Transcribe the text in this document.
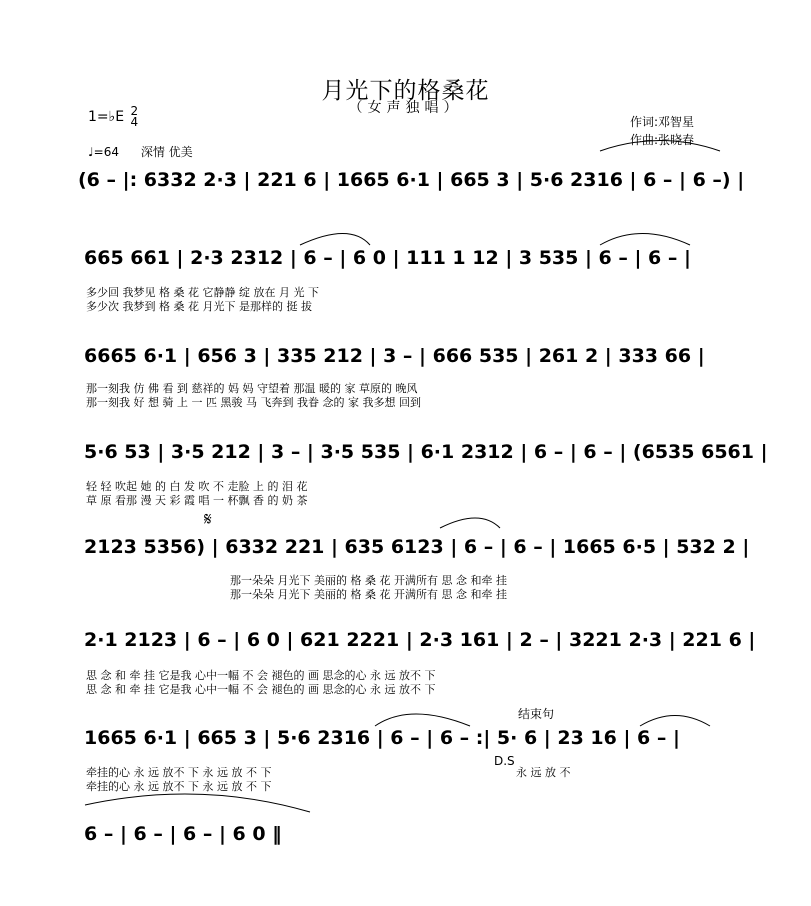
月光下的格桑花
（女声独唱）
作词:邓智星
作曲:张晓春
1=♭E 2
4
♩=64 深情 优美
(6 – |: 6332 2·3 | 221 6 | 1665 6·1 | 665 3 | 5·6 2316 | 6 – | 6 –) |
665 661 | 2·3 2312 | 6 – | 6 0 | 111 1 12 | 3 535 | 6 – | 6 – |
多少回 我梦见 格 桑 花 它静静 绽 放在 月 光 下
多少次 我梦到 格 桑 花 月光下 是那样的 挺 拔
6665 6·1 | 656 3 | 335 212 | 3 – | 666 535 | 261 2 | 333 66 |
那一刻我 仿 佛 看 到 慈祥的 妈 妈 守望着 那温 暖的 家 草原的 晚风
那一刻我 好 想 骑 上 一 匹 黑骏 马 飞奔到 我眷 念的 家 我多想 回到
5·6 53 | 3·5 212 | 3 – | 3·5 535 | 6·1 2312 | 6 – | 6 – | (6535 6561 |
轻 轻 吹起 她 的 白 发 吹 不 走脸 上 的 泪 花
草 原 看那 漫 天 彩 霞 唱 一 杯飘 香 的 奶 茶
𝄋
2123 5356) | 6332 221 | 635 6123 | 6 – | 6 – | 1665 6·5 | 532 2 |
那一朵朵 月光下 美丽的 格 桑 花 开满所有 思 念 和牵 挂
那一朵朵 月光下 美丽的 格 桑 花 开满所有 思 念 和牵 挂
2·1 2123 | 6 – | 6 0 | 621 2221 | 2·3 161 | 2 – | 3221 2·3 | 221 6 |
思 念 和 牵 挂 它是我 心中一幅 不 会 褪色的 画 思念的心 永 远 放不 下
思 念 和 牵 挂 它是我 心中一幅 不 会 褪色的 画 思念的心 永 远 放不 下
结束句
1665 6·1 | 665 3 | 5·6 2316 | 6 – | 6 – :| 5· 6 | 23 16 | 6 – |
D.S
牵挂的心 永 远 放不 下 永 远 放 不 下
牵挂的心 永 远 放不 下 永 远 放 不 下
永 远 放 不
6 – | 6 – | 6 – | 6 0 ‖
